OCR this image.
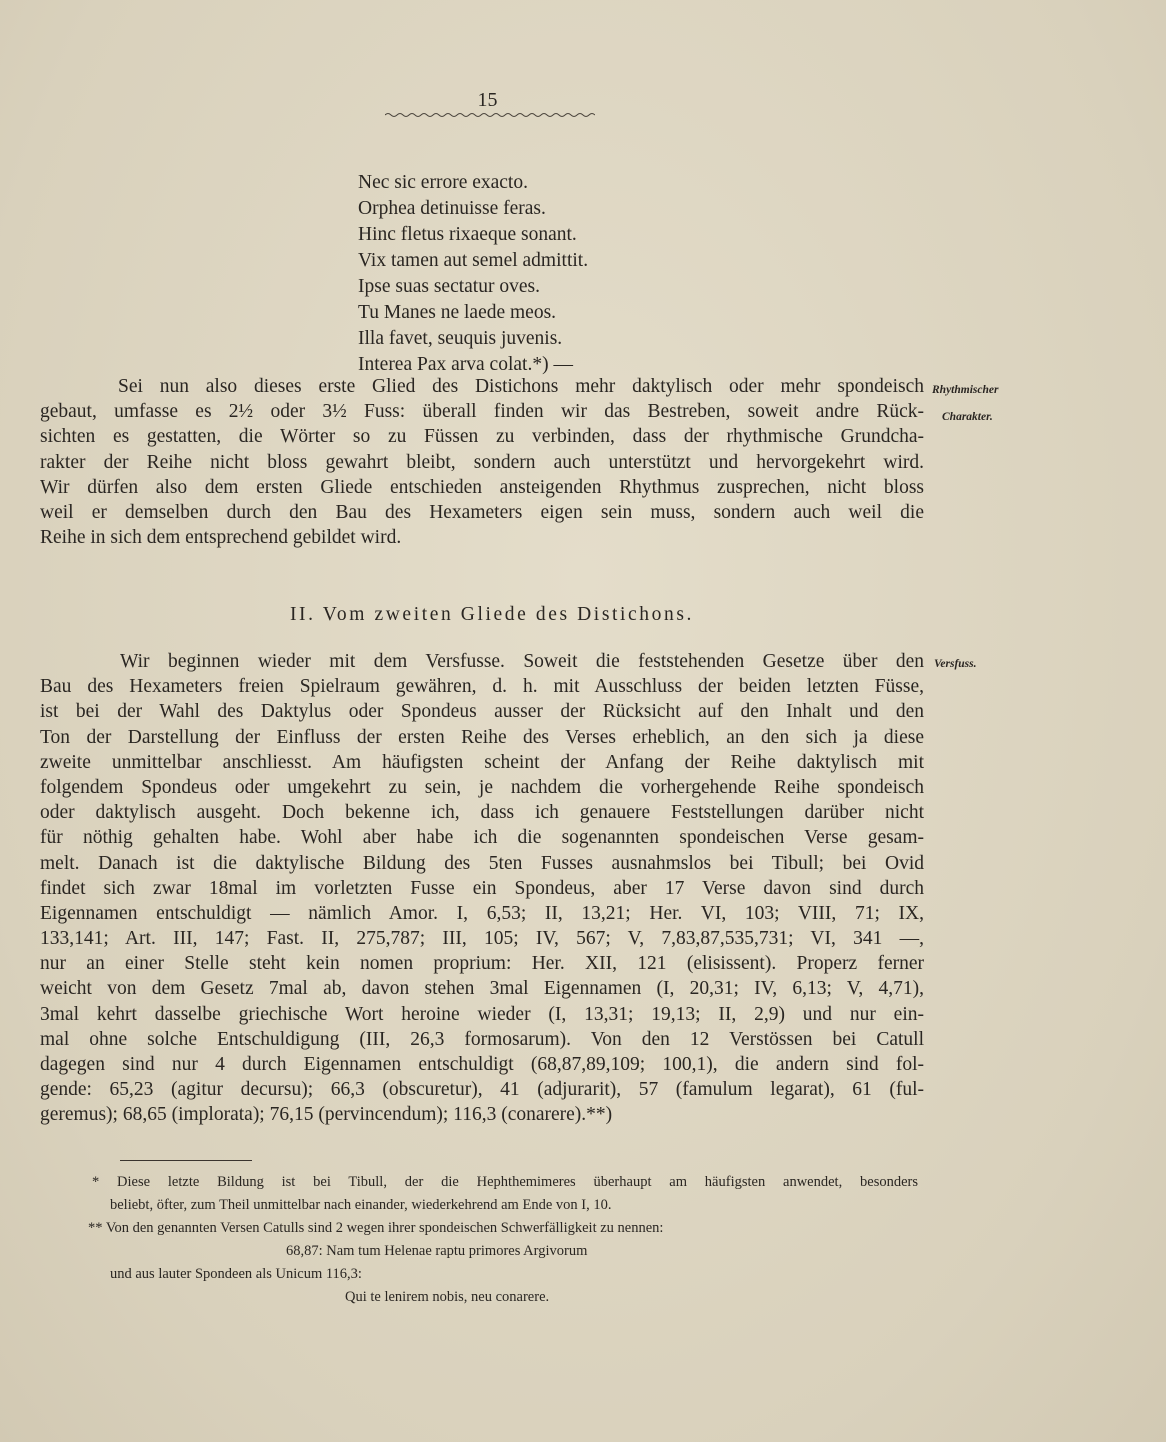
15
Nec sic errore exacto.
Orphea detinuisse feras.
Hinc fletus rixaeque sonant.
Vix tamen aut semel admittit.
Ipse suas sectatur oves.
Tu Manes ne laede meos.
Illa favet, seuquis juvenis.
Interea Pax arva colat.*) —
Sei nun also dieses erste Glied des Distichons mehr daktylisch oder mehr spondeisch
gebaut, umfasse es 2½ oder 3½ Fuss: überall finden wir das Bestreben, soweit andre Rück-
sichten es gestatten, die Wörter so zu Füssen zu verbinden, dass der rhythmische Grundcha-
rakter der Reihe nicht bloss gewahrt bleibt, sondern auch unterstützt und hervorgekehrt wird.
Wir dürfen also dem ersten Gliede entschieden ansteigenden Rhythmus zusprechen, nicht bloss
weil er demselben durch den Bau des Hexameters eigen sein muss, sondern auch weil die
Reihe in sich dem entsprechend gebildet wird.
Rhythmischer
Charakter.
II. Vom zweiten Gliede des Distichons.
Wir beginnen wieder mit dem Versfusse. Soweit die feststehenden Gesetze über den
Bau des Hexameters freien Spielraum gewähren, d. h. mit Ausschluss der beiden letzten Füsse,
ist bei der Wahl des Daktylus oder Spondeus ausser der Rücksicht auf den Inhalt und den
Ton der Darstellung der Einfluss der ersten Reihe des Verses erheblich, an den sich ja diese
zweite unmittelbar anschliesst. Am häufigsten scheint der Anfang der Reihe daktylisch mit
folgendem Spondeus oder umgekehrt zu sein, je nachdem die vorhergehende Reihe spondeisch
oder daktylisch ausgeht. Doch bekenne ich, dass ich genauere Feststellungen darüber nicht
für nöthig gehalten habe. Wohl aber habe ich die sogenannten spondeischen Verse gesam-
melt. Danach ist die daktylische Bildung des 5ten Fusses ausnahmslos bei Tibull; bei Ovid
findet sich zwar 18mal im vorletzten Fusse ein Spondeus, aber 17 Verse davon sind durch
Eigennamen entschuldigt — nämlich Amor. I, 6,53; II, 13,21; Her. VI, 103; VIII, 71; IX,
133,141; Art. III, 147; Fast. II, 275,787; III, 105; IV, 567; V, 7,83,87,535,731; VI, 341 —,
nur an einer Stelle steht kein nomen proprium: Her. XII, 121 (elisissent). Properz ferner
weicht von dem Gesetz 7mal ab, davon stehen 3mal Eigennamen (I, 20,31; IV, 6,13; V, 4,71),
3mal kehrt dasselbe griechische Wort heroine wieder (I, 13,31; 19,13; II, 2,9) und nur ein-
mal ohne solche Entschuldigung (III, 26,3 formosarum). Von den 12 Verstössen bei Catull
dagegen sind nur 4 durch Eigennamen entschuldigt (68,87,89,109; 100,1), die andern sind fol-
gende: 65,23 (agitur decursu); 66,3 (obscuretur), 41 (adjurarit), 57 (famulum legarat), 61 (ful-
geremus); 68,65 (implorata); 76,15 (pervincendum); 116,3 (conarere).**)
Versfuss.
* Diese letzte Bildung ist bei Tibull, der die Hephthemimeres überhaupt am häufigsten anwendet, besonders
beliebt, öfter, zum Theil unmittelbar nach einander, wiederkehrend am Ende von I, 10.
** Von den genannten Versen Catulls sind 2 wegen ihrer spondeischen Schwerfälligkeit zu nennen:
68,87: Nam tum Helenae raptu primores Argivorum
und aus lauter Spondeen als Unicum 116,3:
Qui te lenirem nobis, neu conarere.
